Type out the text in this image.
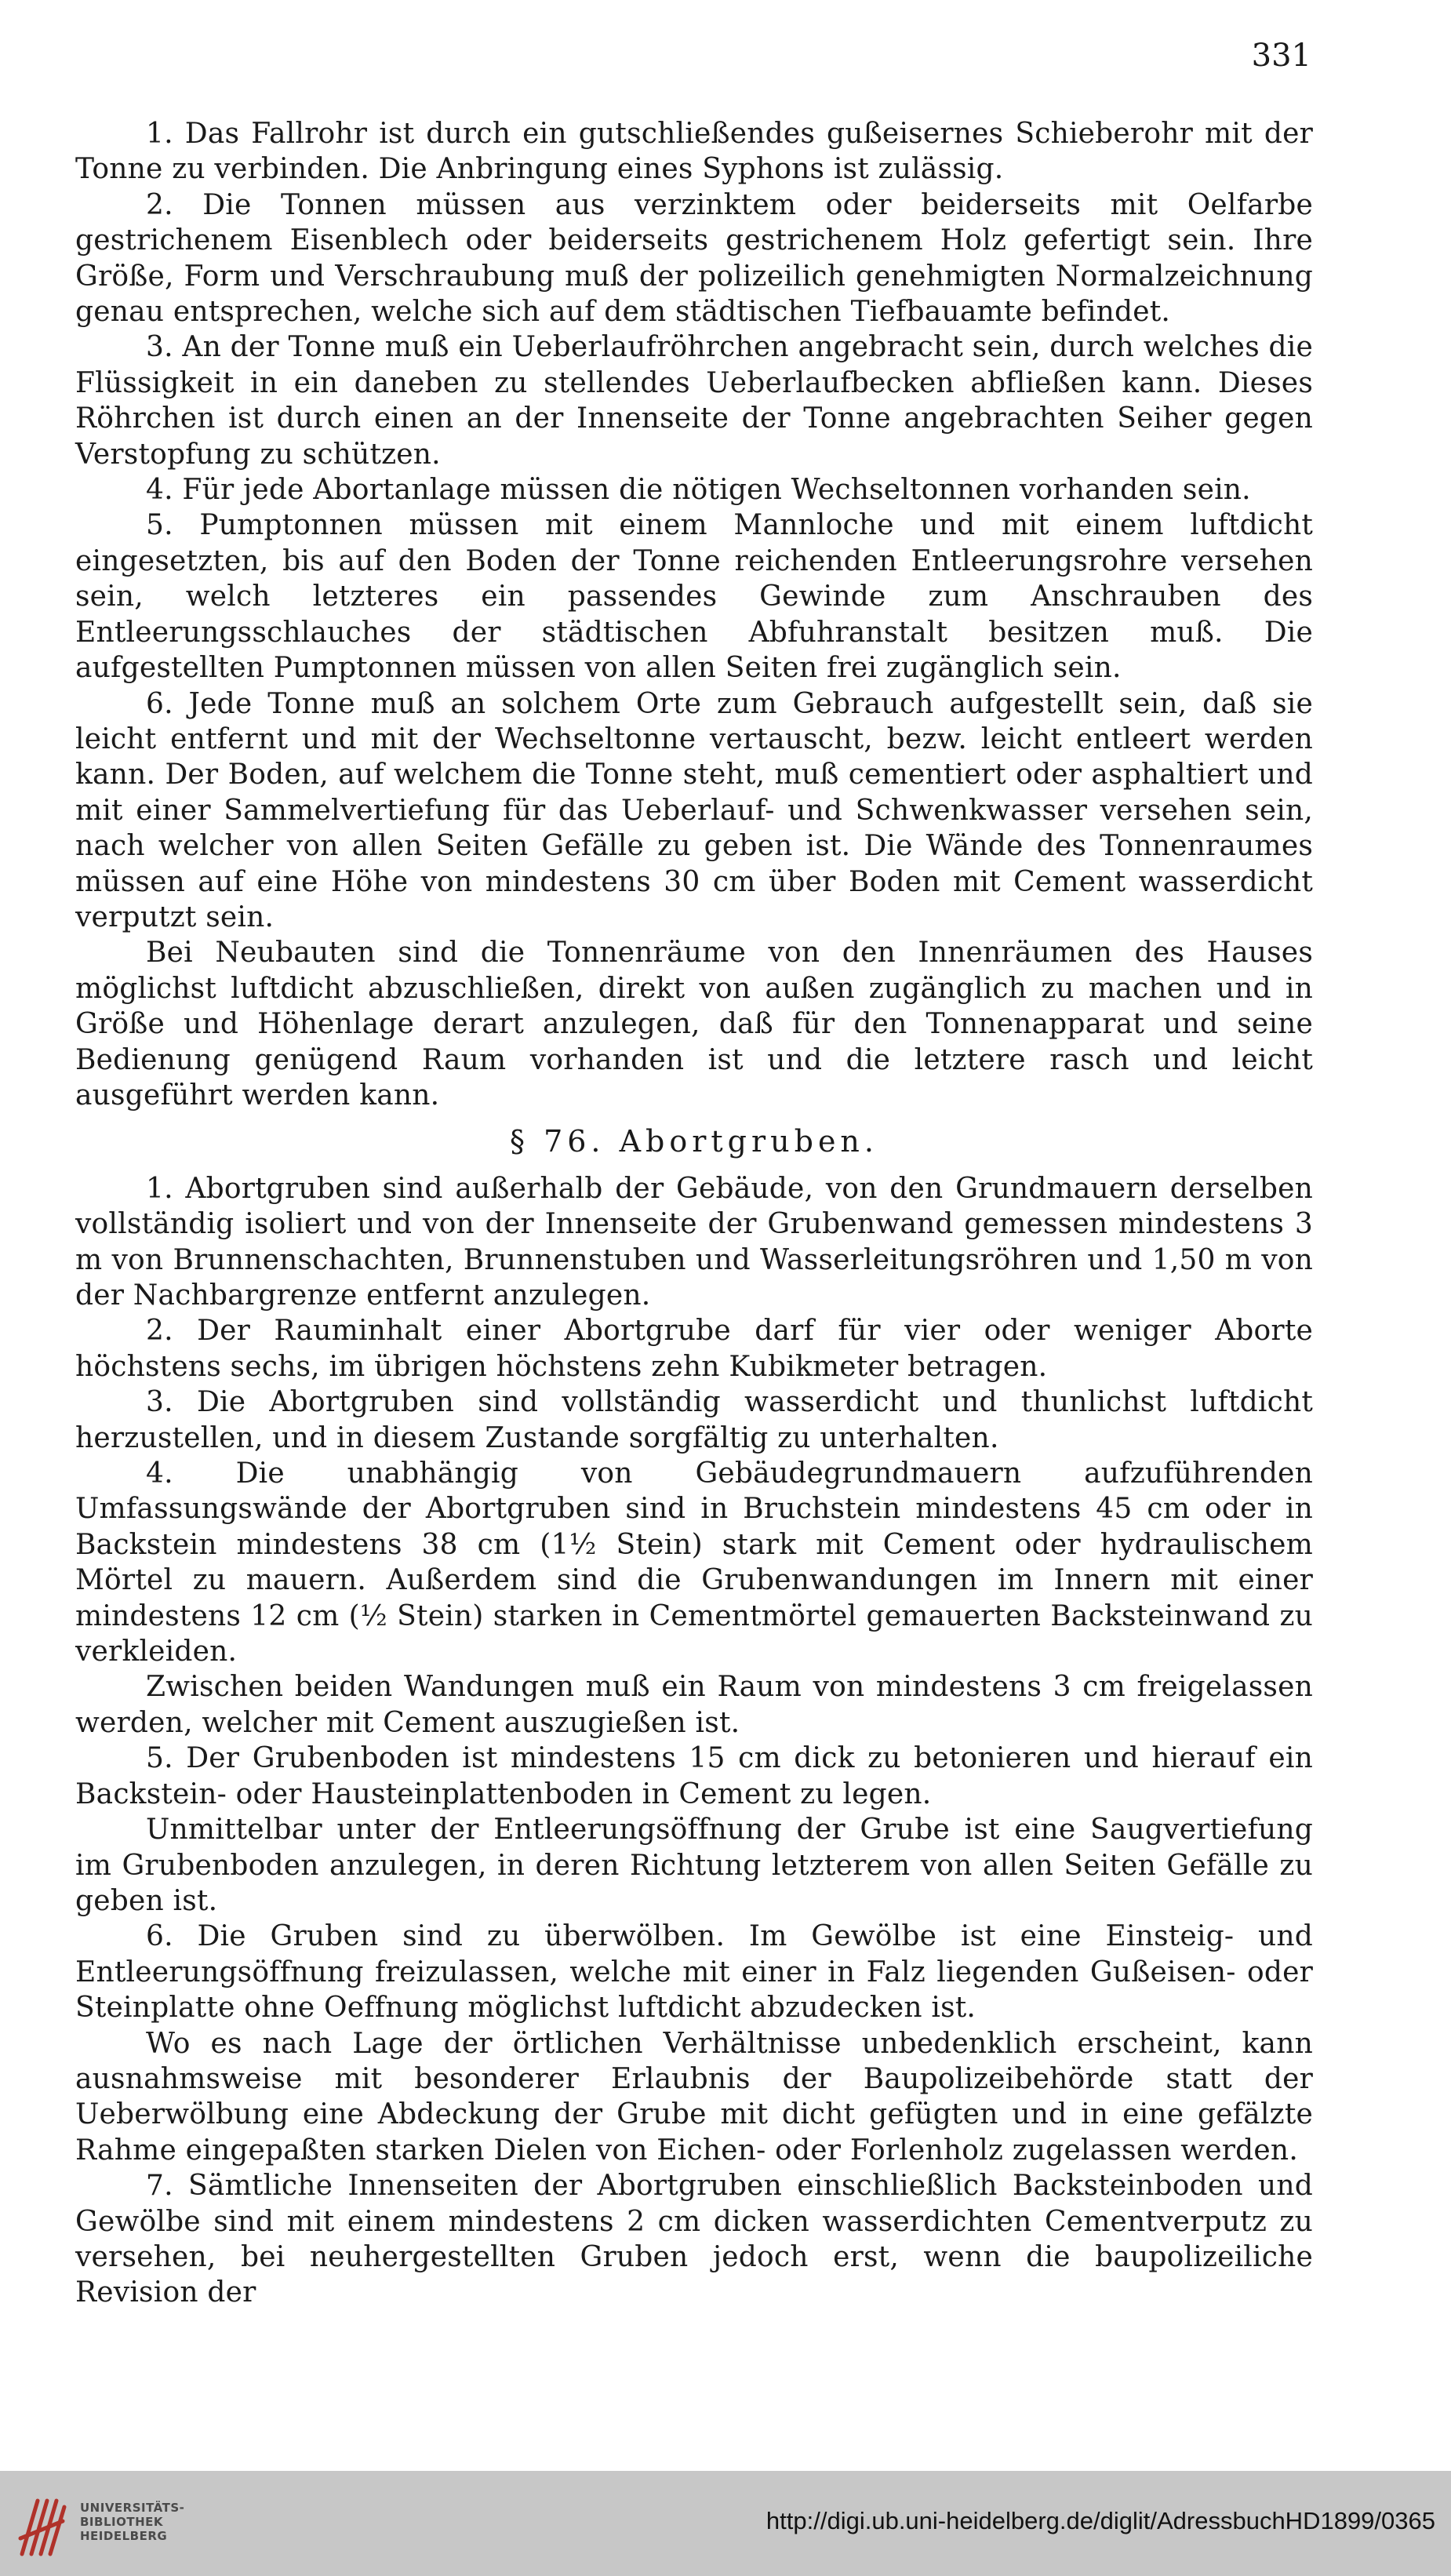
331

1. Das Fallrohr ist durch ein gutschließendes gußeisernes Schieberohr mit der Tonne zu verbinden. Die Anbringung eines Syphons ist zulässig.

2. Die Tonnen müssen aus verzinktem oder beiderseits mit Oelfarbe gestrichenem Eisenblech oder beiderseits gestrichenem Holz gefertigt sein. Ihre Größe, Form und Verschraubung muß der polizeilich genehmigten Normalzeichnung genau entsprechen, welche sich auf dem städtischen Tiefbauamte befindet.

3. An der Tonne muß ein Ueberlaufröhrchen angebracht sein, durch welches die Flüssigkeit in ein daneben zu stellendes Ueberlaufbecken abfließen kann. Dieses Röhrchen ist durch einen an der Innenseite der Tonne angebrachten Seiher gegen Verstopfung zu schützen.

4. Für jede Abortanlage müssen die nötigen Wechseltonnen vorhanden sein.

5. Pumptonnen müssen mit einem Mannloche und mit einem luftdicht eingesetzten, bis auf den Boden der Tonne reichenden Entleerungsrohre versehen sein, welch letzteres ein passendes Gewinde zum Anschrauben des Entleerungsschlauches der städtischen Abfuhranstalt besitzen muß. Die aufgestellten Pumptonnen müssen von allen Seiten frei zugänglich sein.

6. Jede Tonne muß an solchem Orte zum Gebrauch aufgestellt sein, daß sie leicht entfernt und mit der Wechseltonne vertauscht, bezw. leicht entleert werden kann. Der Boden, auf welchem die Tonne steht, muß cementiert oder asphaltiert und mit einer Sammelvertiefung für das Ueberlauf- und Schwenkwasser versehen sein, nach welcher von allen Seiten Gefälle zu geben ist. Die Wände des Tonnenraumes müssen auf eine Höhe von mindestens 30 cm über Boden mit Cement wasserdicht verputzt sein.

Bei Neubauten sind die Tonnenräume von den Innenräumen des Hauses möglichst luftdicht abzuschließen, direkt von außen zugänglich zu machen und in Größe und Höhenlage derart anzulegen, daß für den Tonnenapparat und seine Bedienung genügend Raum vorhanden ist und die letztere rasch und leicht ausgeführt werden kann.

§ 76. Abortgruben.

1. Abortgruben sind außerhalb der Gebäude, von den Grundmauern derselben vollständig isoliert und von der Innenseite der Grubenwand gemessen mindestens 3 m von Brunnenschachten, Brunnenstuben und Wasserleitungsröhren und 1,50 m von der Nachbargrenze entfernt anzulegen.

2. Der Rauminhalt einer Abortgrube darf für vier oder weniger Aborte höchstens sechs, im übrigen höchstens zehn Kubikmeter betragen.

3. Die Abortgruben sind vollständig wasserdicht und thunlichst luftdicht herzustellen, und in diesem Zustande sorgfältig zu unterhalten.

4. Die unabhängig von Gebäudegrundmauern aufzuführenden Umfassungswände der Abortgruben sind in Bruchstein mindestens 45 cm oder in Backstein mindestens 38 cm (1½ Stein) stark mit Cement oder hydraulischem Mörtel zu mauern. Außerdem sind die Grubenwandungen im Innern mit einer mindestens 12 cm (½ Stein) starken in Cementmörtel gemauerten Backsteinwand zu verkleiden.

Zwischen beiden Wandungen muß ein Raum von mindestens 3 cm freigelassen werden, welcher mit Cement auszugießen ist.

5. Der Grubenboden ist mindestens 15 cm dick zu betonieren und hierauf ein Backstein- oder Hausteinplattenboden in Cement zu legen.

Unmittelbar unter der Entleerungsöffnung der Grube ist eine Saugvertiefung im Grubenboden anzulegen, in deren Richtung letzterem von allen Seiten Gefälle zu geben ist.

6. Die Gruben sind zu überwölben. Im Gewölbe ist eine Einsteig- und Entleerungsöffnung freizulassen, welche mit einer in Falz liegenden Gußeisen- oder Steinplatte ohne Oeffnung möglichst luftdicht abzudecken ist.

Wo es nach Lage der örtlichen Verhältnisse unbedenklich erscheint, kann ausnahmsweise mit besonderer Erlaubnis der Baupolizeibehörde statt der Ueberwölbung eine Abdeckung der Grube mit dicht gefügten und in eine gefälzte Rahme eingepaßten starken Dielen von Eichen- oder Forlenholz zugelassen werden.

7. Sämtliche Innenseiten der Abortgruben einschließlich Backsteinboden und Gewölbe sind mit einem mindestens 2 cm dicken wasserdichten Cementverputz zu versehen, bei neuhergestellten Gruben jedoch erst, wenn die baupolizeiliche Revision der

UNIVERSITÄTS-
BIBLIOTHEK
HEIDELBERG
http://digi.ub.uni-heidelberg.de/diglit/AdressbuchHD1899/0365
